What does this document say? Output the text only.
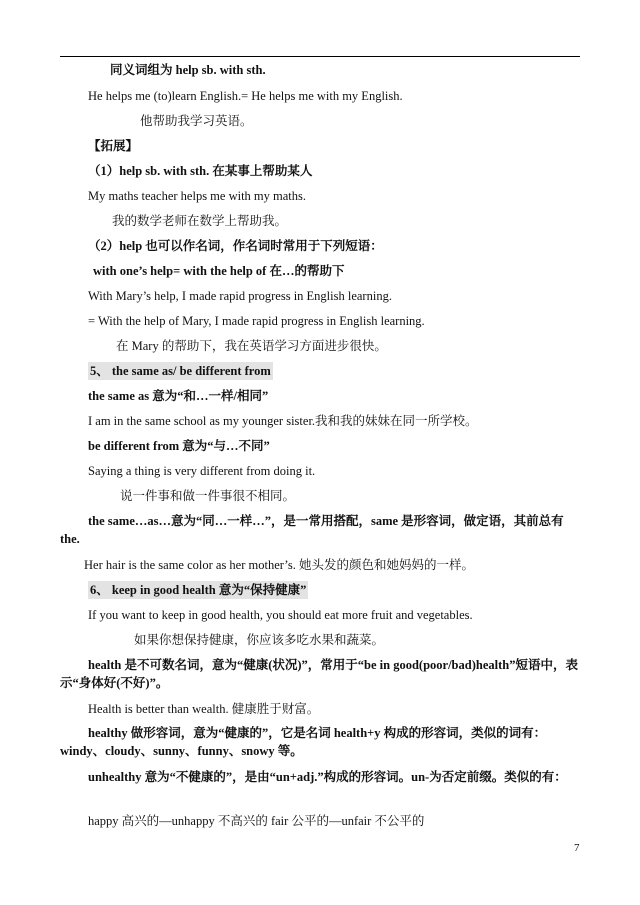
同义词组为 help sb. with sth.
He helps me (to)learn English.= He helps me with my English.
他帮助我学习英语。
【拓展】
（1）help sb. with sth. 在某事上帮助某人
My maths teacher helps me with my maths.
我的数学老师在数学上帮助我。
（2）help 也可以作名词，作名词时常用于下列短语：
with one’s help= with the help of 在…的帮助下
With Mary’s help, I made rapid progress in English learning.
= With the help of Mary, I made rapid progress in English learning.
在 Mary 的帮助下，我在英语学习方面进步很快。
5、 the same as/ be different from
the same as 意为“和…一样/相同”
I am in the same school as my younger sister.我和我的妹妹在同一所学校。
be different from 意为“与…不同”
Saying a thing is very different from doing it.
说一件事和做一件事很不相同。
the same…as…意为“同…一样…”，是一常用搭配，same 是形容词，做定语，其前总有 the.
Her hair is the same color as her mother’s. 她头发的颜色和她妈妈的一样。
6、 keep in good health 意为“保持健康”
If you want to keep in good health, you should eat more fruit and vegetables.
如果你想保持健康，你应该多吃水果和蔬菜。
health 是不可数名词，意为“健康(状况)”，常用于“be in good(poor/bad)health”短语中，表示“身体好(不好)”。
Health is better than wealth. 健康胜于财富。
healthy 做形容词，意为“健康的”，它是名词 health+y 构成的形容词，类似的词有：windy、cloudy、sunny、funny、snowy 等。
unhealthy 意为“不健康的”，是由“un+adj.”构成的形容词。un-为否定前缀。类似的有：
happy 高兴的—unhappy 不高兴的 fair 公平的—unfair 不公平的
7
